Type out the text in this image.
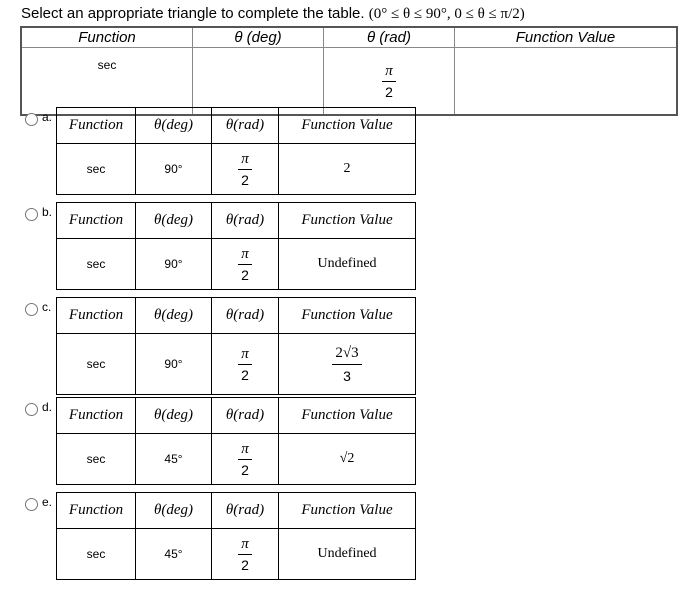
Select an appropriate triangle to complete the table. (0° ≤ θ ≤ 90°, 0 ≤ θ ≤ π/2)
Function	θ (deg)	θ (rad)	Function Value
sec		$\frac{\pi}{2}$

a. Function	θ(deg)	θ(rad)	Function Value
sec	90°	$\frac{\pi}{2}$	2
b. Function	θ(deg)	θ(rad)	Function Value
sec	90°	$\frac{\pi}{2}$	Undefined
c. Function	θ(deg)	θ(rad)	Function Value
sec	90°	$\frac{\pi}{2}$	$\frac{2√3}{3}$
d. Function	θ(deg)	θ(rad)	Function Value
sec	45°	$\frac{\pi}{2}$	√2
e. Function	θ(deg)	θ(rad)	Function Value
sec	45°	$\frac{\pi}{2}$	Undefined
